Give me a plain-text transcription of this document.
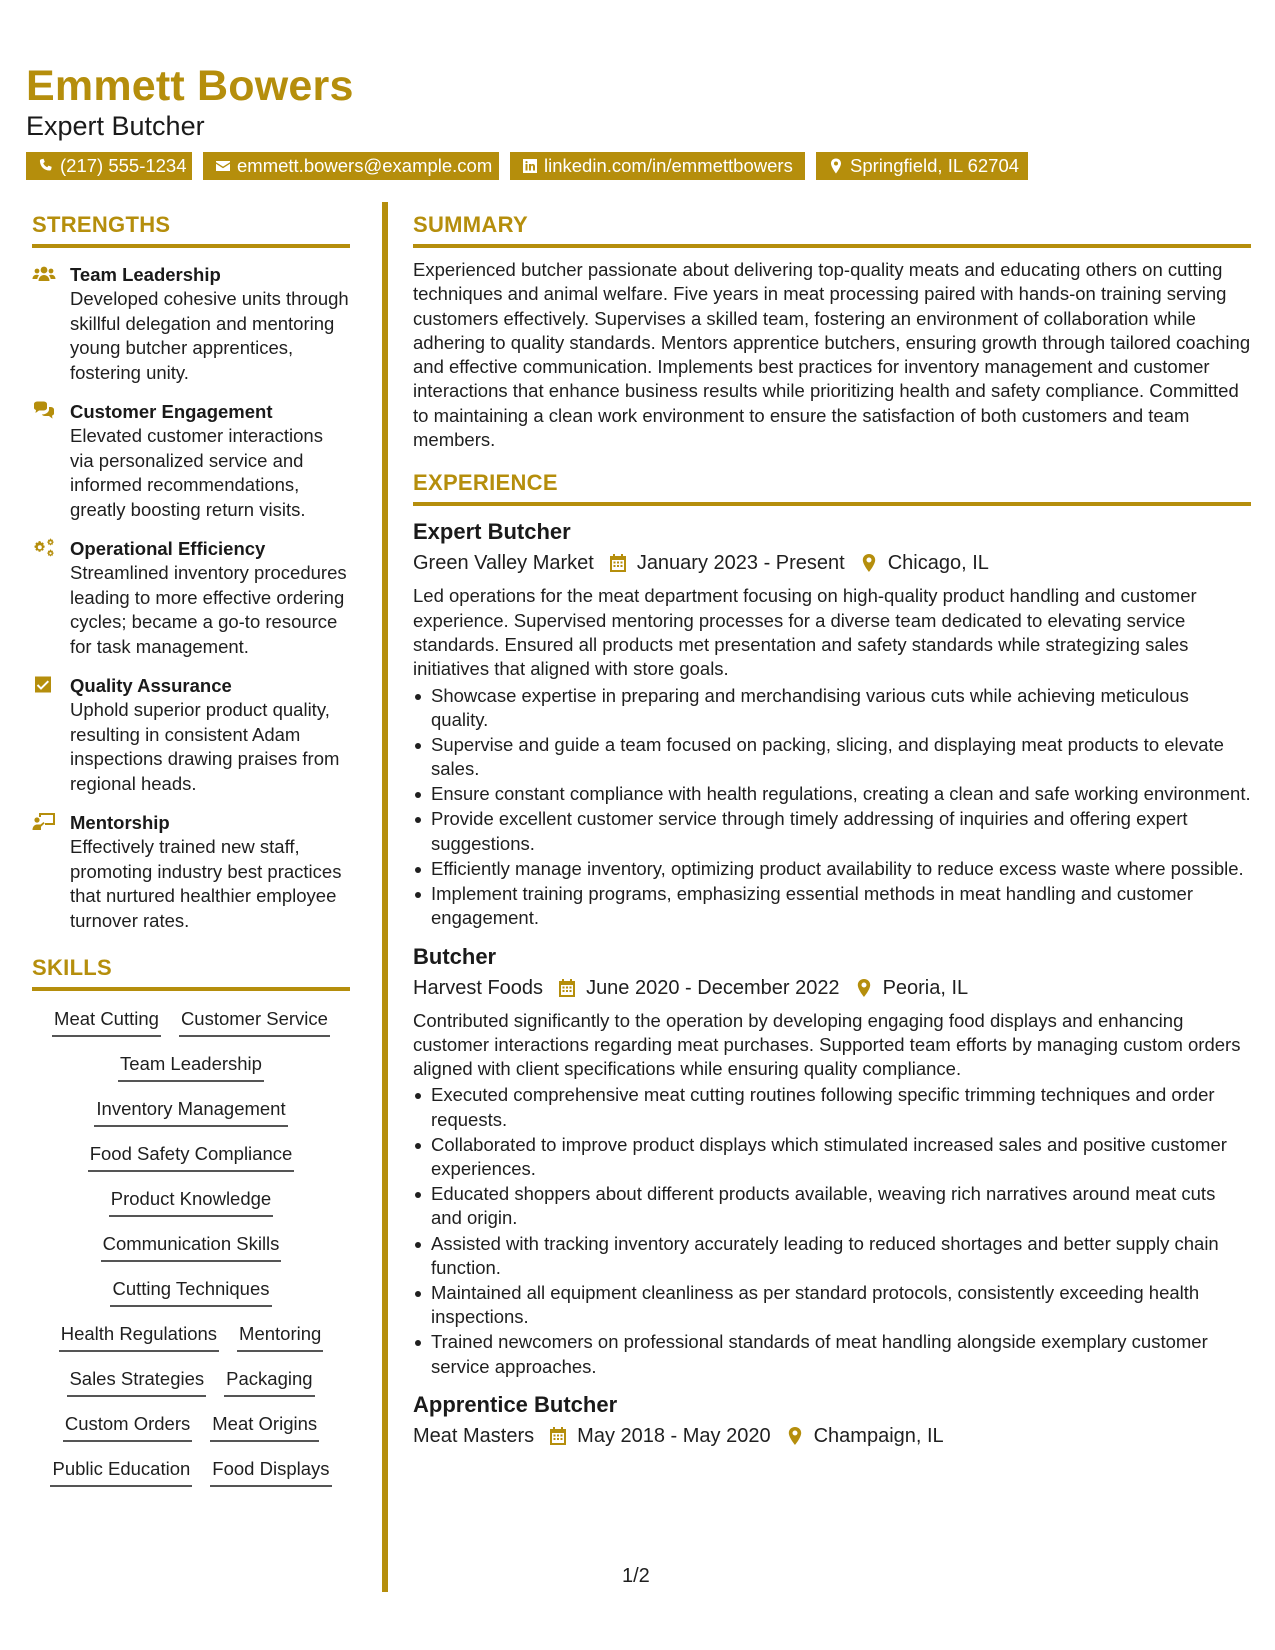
Emmett Bowers
Expert Butcher
(217) 555-1234	emmett.bowers@example.com	linkedin.com/in/emmettbowers	Springfield, IL 62704
STRENGTHS
Team Leadership
Developed cohesive units through skillful delegation and mentoring young butcher apprentices, fostering unity.
Customer Engagement
Elevated customer interactions via personalized service and informed recommendations, greatly boosting return visits.
Operational Efficiency
Streamlined inventory procedures leading to more effective ordering cycles; became a go-to resource for task management.
Quality Assurance
Uphold superior product quality, resulting in consistent Adam inspections drawing praises from regional heads.
Mentorship
Effectively trained new staff, promoting industry best practices that nurtured healthier employee turnover rates.
SKILLS
Meat Cutting Customer Service
Team Leadership
Inventory Management
Food Safety Compliance
Product Knowledge
Communication Skills
Cutting Techniques
Health Regulations Mentoring
Sales Strategies Packaging
Custom Orders Meat Origins
Public Education Food Displays
SUMMARY
Experienced butcher passionate about delivering top-quality meats and educating others on cutting techniques and animal welfare. Five years in meat processing paired with hands-on training serving customers effectively. Supervises a skilled team, fostering an environment of collaboration while adhering to quality standards. Mentors apprentice butchers, ensuring growth through tailored coaching and effective communication. Implements best practices for inventory management and customer interactions that enhance business results while prioritizing health and safety compliance. Committed to maintaining a clean work environment to ensure the satisfaction of both customers and team members.
EXPERIENCE
Expert Butcher
Green Valley Market January 2023 - Present Chicago, IL
Led operations for the meat department focusing on high-quality product handling and customer experience. Supervised mentoring processes for a diverse team dedicated to elevating service standards. Ensured all products met presentation and safety standards while strategizing sales initiatives that aligned with store goals.
Showcase expertise in preparing and merchandising various cuts while achieving meticulous quality.
Supervise and guide a team focused on packing, slicing, and displaying meat products to elevate sales.
Ensure constant compliance with health regulations, creating a clean and safe working environment.
Provide excellent customer service through timely addressing of inquiries and offering expert suggestions.
Efficiently manage inventory, optimizing product availability to reduce excess waste where possible.
Implement training programs, emphasizing essential methods in meat handling and customer engagement.
Butcher
Harvest Foods June 2020 - December 2022 Peoria, IL
Contributed significantly to the operation by developing engaging food displays and enhancing customer interactions regarding meat purchases. Supported team efforts by managing custom orders aligned with client specifications while ensuring quality compliance.
Executed comprehensive meat cutting routines following specific trimming techniques and order requests.
Collaborated to improve product displays which stimulated increased sales and positive customer experiences.
Educated shoppers about different products available, weaving rich narratives around meat cuts and origin.
Assisted with tracking inventory accurately leading to reduced shortages and better supply chain function.
Maintained all equipment cleanliness as per standard protocols, consistently exceeding health inspections.
Trained newcomers on professional standards of meat handling alongside exemplary customer service approaches.
Apprentice Butcher
Meat Masters May 2018 - May 2020 Champaign, IL
1/2
